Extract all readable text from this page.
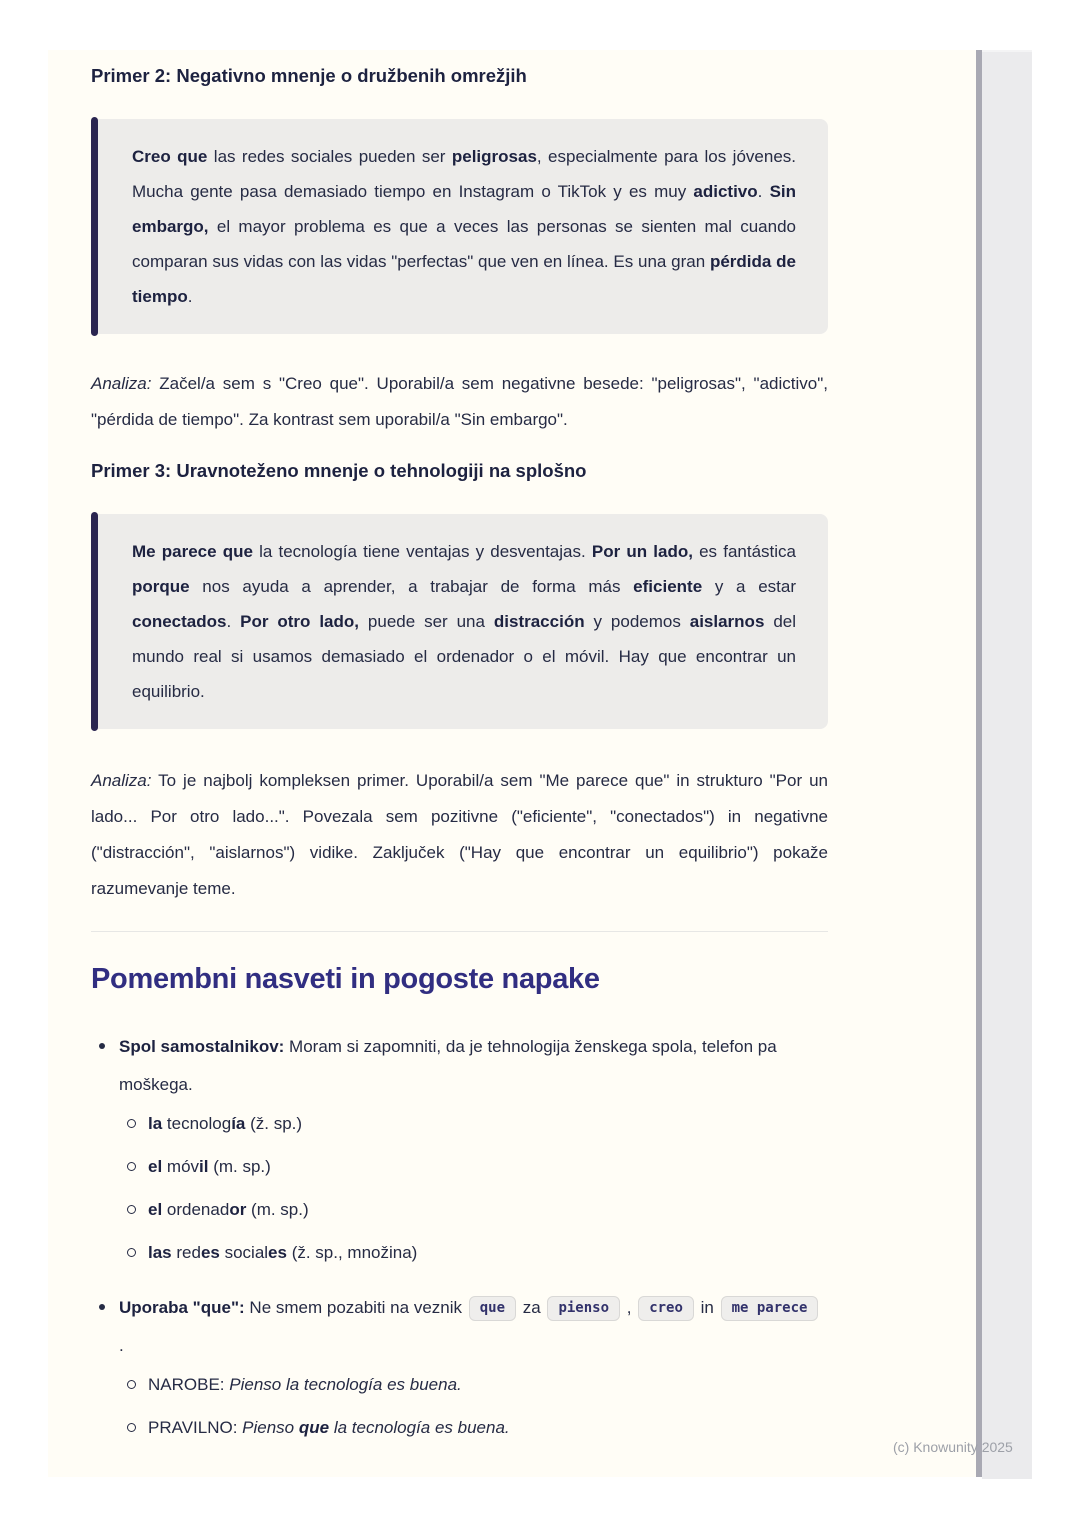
Primer 2: Negativno mnenje o družbenih omrežjih

Creo que las redes sociales pueden ser peligrosas, especialmente para los jóvenes. Mucha gente pasa demasiado tiempo en Instagram o TikTok y es muy adictivo. Sin embargo, el mayor problema es que a veces las personas se sienten mal cuando comparan sus vidas con las vidas "perfectas" que ven en línea. Es una gran pérdida de tiempo.

Analiza: Začel/a sem s "Creo que". Uporabil/a sem negativne besede: "peligrosas", "adictivo", "pérdida de tiempo". Za kontrast sem uporabil/a "Sin embargo".

Primer 3: Uravnoteženo mnenje o tehnologiji na splošno

Me parece que la tecnología tiene ventajas y desventajas. Por un lado, es fantástica porque nos ayuda a aprender, a trabajar de forma más eficiente y a estar conectados. Por otro lado, puede ser una distracción y podemos aislarnos del mundo real si usamos demasiado el ordenador o el móvil. Hay que encontrar un equilibrio.

Analiza: To je najbolj kompleksen primer. Uporabil/a sem "Me parece que" in strukturo "Por un lado... Por otro lado...". Povezala sem pozitivne ("eficiente", "conectados") in negativne ("distracción", "aislarnos") vidike. Zaključek ("Hay que encontrar un equilibrio") pokaže razumevanje teme.

Pomembni nasveti in pogoste napake

Spol samostalnikov: Moram si zapomniti, da je tehnologija ženskega spola, telefon pa moškega.

la tecnología (ž. sp.)

el móvil (m. sp.)

el ordenador (m. sp.)

las redes sociales (ž. sp., množina)

Uporaba "que": Ne smem pozabiti na veznik que za pienso , creo in me parece .

NAROBE: Pienso la tecnología es buena.

PRAVILNO: Pienso que la tecnología es buena.

(c) Knowunity 2025
